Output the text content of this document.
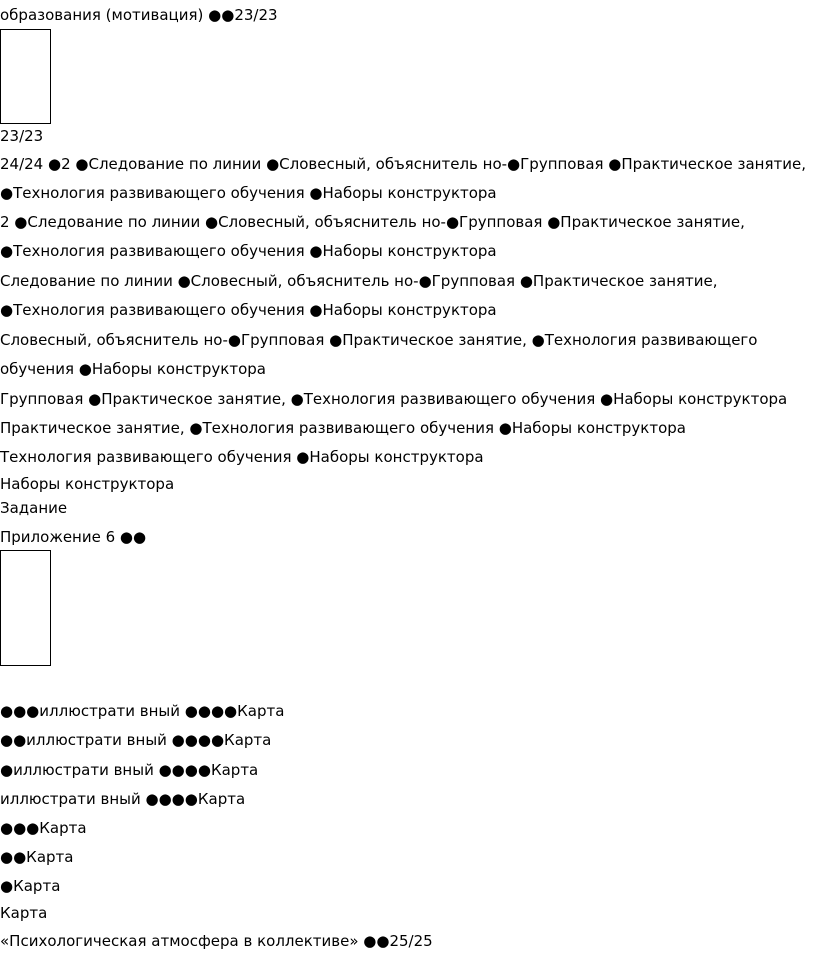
образования (мотивация) ●●23/23
23/23
24/24 ●2 ●Следование по линии ●Словесный, объяснитель но-●Групповая ●Практическое занятие,
●Технология развивающего обучения ●Наборы конструктора
2 ●Следование по линии ●Словесный, объяснитель но-●Групповая ●Практическое занятие,
●Технология развивающего обучения ●Наборы конструктора
Следование по линии ●Словесный, объяснитель но-●Групповая ●Практическое занятие,
●Технология развивающего обучения ●Наборы конструктора
Словесный, объяснитель но-●Групповая ●Практическое занятие, ●Технология развивающего
обучения ●Наборы конструктора
Групповая ●Практическое занятие, ●Технология развивающего обучения ●Наборы конструктора
Практическое занятие, ●Технология развивающего обучения ●Наборы конструктора
Технология развивающего обучения ●Наборы конструктора
Наборы конструктора
Задание
Приложение 6 ●●
●●●иллюстрати вный ●●●●Карта
●●иллюстрати вный ●●●●Карта
●иллюстрати вный ●●●●Карта
иллюстрати вный ●●●●Карта
●●●Карта
●●Карта
●Карта
Карта
«Психологическая атмосфера в коллективе» ●●25/25
